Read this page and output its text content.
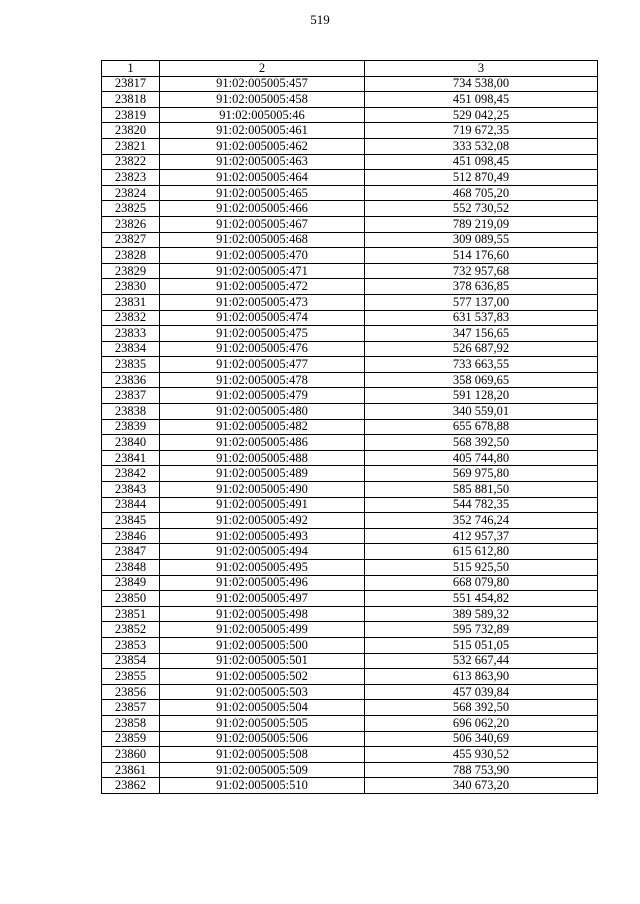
519
1	2	3
23817	91:02:005005:457	734 538,00
23818	91:02:005005:458	451 098,45
23819	91:02:005005:46	529 042,25
23820	91:02:005005:461	719 672,35
23821	91:02:005005:462	333 532,08
23822	91:02:005005:463	451 098,45
23823	91:02:005005:464	512 870,49
23824	91:02:005005:465	468 705,20
23825	91:02:005005:466	552 730,52
23826	91:02:005005:467	789 219,09
23827	91:02:005005:468	309 089,55
23828	91:02:005005:470	514 176,60
23829	91:02:005005:471	732 957,68
23830	91:02:005005:472	378 636,85
23831	91:02:005005:473	577 137,00
23832	91:02:005005:474	631 537,83
23833	91:02:005005:475	347 156,65
23834	91:02:005005:476	526 687,92
23835	91:02:005005:477	733 663,55
23836	91:02:005005:478	358 069,65
23837	91:02:005005:479	591 128,20
23838	91:02:005005:480	340 559,01
23839	91:02:005005:482	655 678,88
23840	91:02:005005:486	568 392,50
23841	91:02:005005:488	405 744,80
23842	91:02:005005:489	569 975,80
23843	91:02:005005:490	585 881,50
23844	91:02:005005:491	544 782,35
23845	91:02:005005:492	352 746,24
23846	91:02:005005:493	412 957,37
23847	91:02:005005:494	615 612,80
23848	91:02:005005:495	515 925,50
23849	91:02:005005:496	668 079,80
23850	91:02:005005:497	551 454,82
23851	91:02:005005:498	389 589,32
23852	91:02:005005:499	595 732,89
23853	91:02:005005:500	515 051,05
23854	91:02:005005:501	532 667,44
23855	91:02:005005:502	613 863,90
23856	91:02:005005:503	457 039,84
23857	91:02:005005:504	568 392,50
23858	91:02:005005:505	696 062,20
23859	91:02:005005:506	506 340,69
23860	91:02:005005:508	455 930,52
23861	91:02:005005:509	788 753,90
23862	91:02:005005:510	340 673,20
